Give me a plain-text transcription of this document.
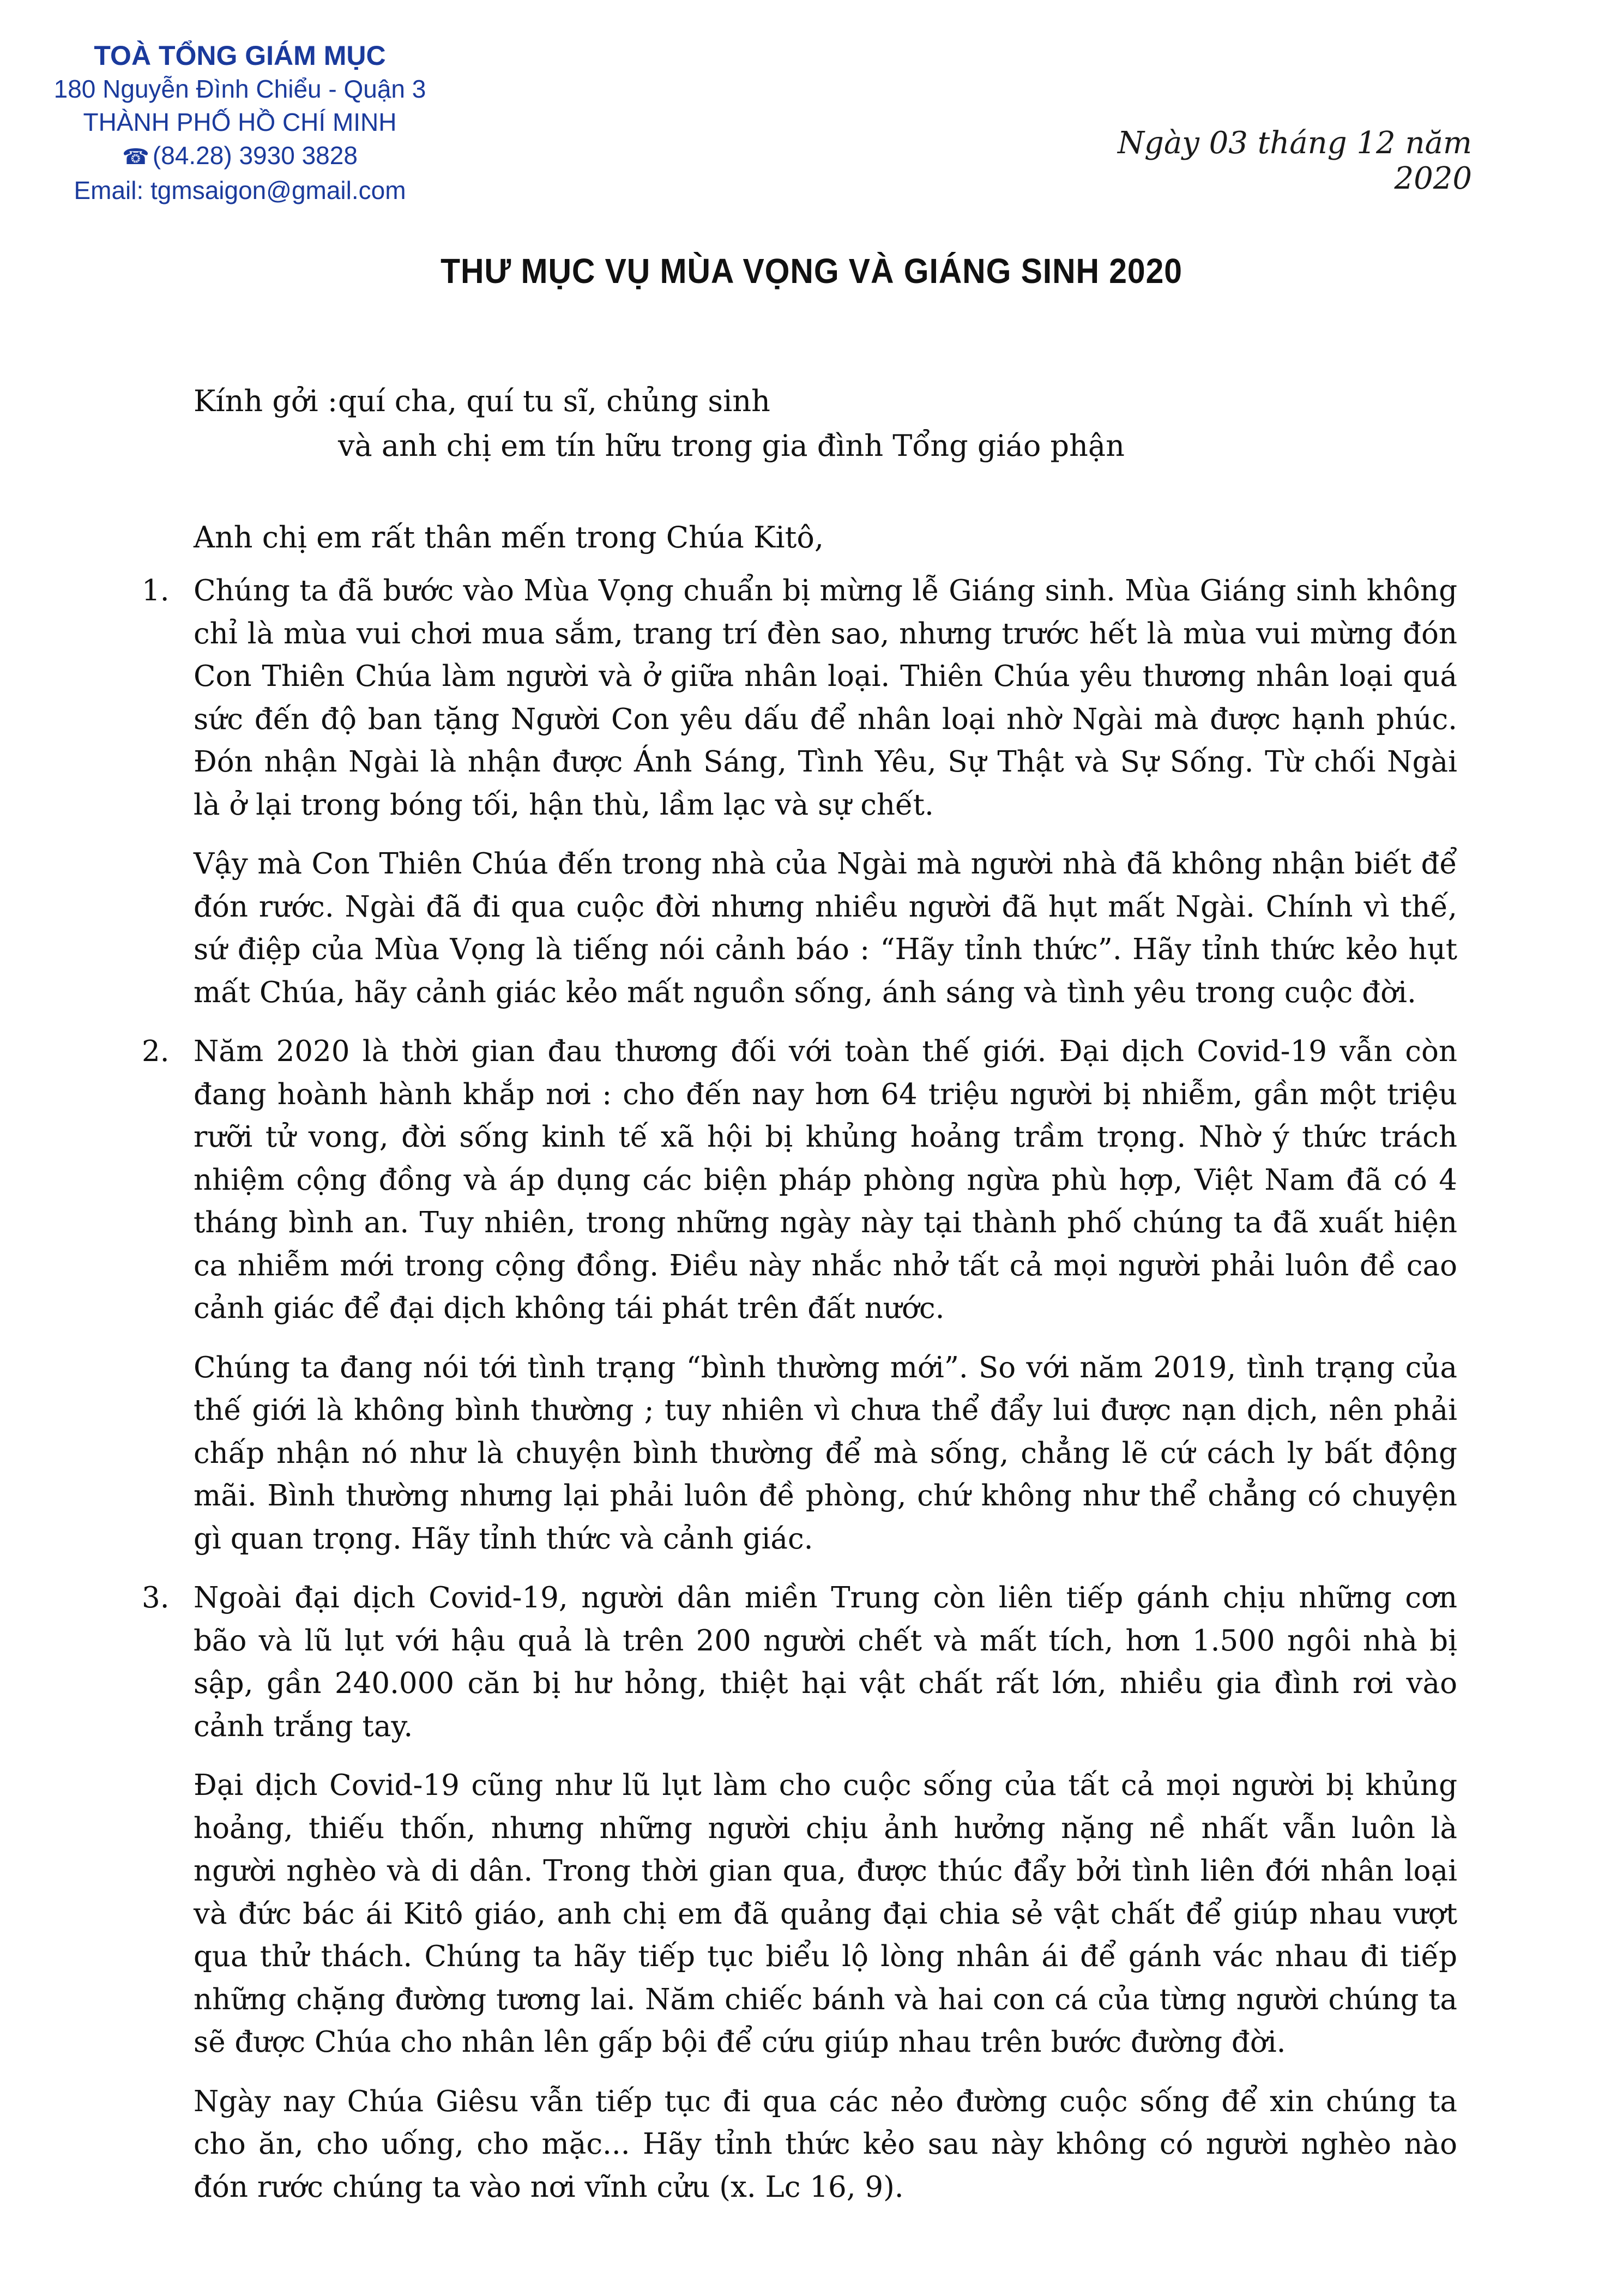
TOÀ TỔNG GIÁM MỤC
180 Nguyễn Đình Chiểu - Quận 3
THÀNH PHỐ HỒ CHÍ MINH
☎ (84.28) 3930 3828
Email: tgmsaigon@gmail.com
Ngày 03 tháng 12 năm 2020
THƯ MỤC VỤ MÙA VỌNG VÀ GIÁNG SINH 2020
Kính gởi : quí cha, quí tu sĩ, chủng sinh
và anh chị em tín hữu trong gia đình Tổng giáo phận
Anh chị em rất thân mến trong Chúa Kitô,
1. Chúng ta đã bước vào Mùa Vọng chuẩn bị mừng lễ Giáng sinh. Mùa Giáng sinh không chỉ là mùa vui chơi mua sắm, trang trí đèn sao, nhưng trước hết là mùa vui mừng đón Con Thiên Chúa làm người và ở giữa nhân loại. Thiên Chúa yêu thương nhân loại quá sức đến độ ban tặng Người Con yêu dấu để nhân loại nhờ Ngài mà được hạnh phúc. Đón nhận Ngài là nhận được Ánh Sáng, Tình Yêu, Sự Thật và Sự Sống. Từ chối Ngài là ở lại trong bóng tối, hận thù, lầm lạc và sự chết.

Vậy mà Con Thiên Chúa đến trong nhà của Ngài mà người nhà đã không nhận biết để đón rước. Ngài đã đi qua cuộc đời nhưng nhiều người đã hụt mất Ngài. Chính vì thế, sứ điệp của Mùa Vọng là tiếng nói cảnh báo : “Hãy tỉnh thức”. Hãy tỉnh thức kẻo hụt mất Chúa, hãy cảnh giác kẻo mất nguồn sống, ánh sáng và tình yêu trong cuộc đời.

2. Năm 2020 là thời gian đau thương đối với toàn thế giới. Đại dịch Covid-19 vẫn còn đang hoành hành khắp nơi : cho đến nay hơn 64 triệu người bị nhiễm, gần một triệu rưỡi tử vong, đời sống kinh tế xã hội bị khủng hoảng trầm trọng. Nhờ ý thức trách nhiệm cộng đồng và áp dụng các biện pháp phòng ngừa phù hợp, Việt Nam đã có 4 tháng bình an. Tuy nhiên, trong những ngày này tại thành phố chúng ta đã xuất hiện ca nhiễm mới trong cộng đồng. Điều này nhắc nhở tất cả mọi người phải luôn đề cao cảnh giác để đại dịch không tái phát trên đất nước.

Chúng ta đang nói tới tình trạng “bình thường mới”. So với năm 2019, tình trạng của thế giới là không bình thường ; tuy nhiên vì chưa thể đẩy lui được nạn dịch, nên phải chấp nhận nó như là chuyện bình thường để mà sống, chẳng lẽ cứ cách ly bất động mãi. Bình thường nhưng lại phải luôn đề phòng, chứ không như thể chẳng có chuyện gì quan trọng. Hãy tỉnh thức và cảnh giác.

3. Ngoài đại dịch Covid-19, người dân miền Trung còn liên tiếp gánh chịu những cơn bão và lũ lụt với hậu quả là trên 200 người chết và mất tích, hơn 1.500 ngôi nhà bị sập, gần 240.000 căn bị hư hỏng, thiệt hại vật chất rất lớn, nhiều gia đình rơi vào cảnh trắng tay.

Đại dịch Covid-19 cũng như lũ lụt làm cho cuộc sống của tất cả mọi người bị khủng hoảng, thiếu thốn, nhưng những người chịu ảnh hưởng nặng nề nhất vẫn luôn là người nghèo và di dân. Trong thời gian qua, được thúc đẩy bởi tình liên đới nhân loại và đức bác ái Kitô giáo, anh chị em đã quảng đại chia sẻ vật chất để giúp nhau vượt qua thử thách. Chúng ta hãy tiếp tục biểu lộ lòng nhân ái để gánh vác nhau đi tiếp những chặng đường tương lai. Năm chiếc bánh và hai con cá của từng người chúng ta sẽ được Chúa cho nhân lên gấp bội để cứu giúp nhau trên bước đường đời.

Ngày nay Chúa Giêsu vẫn tiếp tục đi qua các nẻo đường cuộc sống để xin chúng ta cho ăn, cho uống, cho mặc... Hãy tỉnh thức kẻo sau này không có người nghèo nào đón rước chúng ta vào nơi vĩnh cửu (x. Lc 16, 9).
